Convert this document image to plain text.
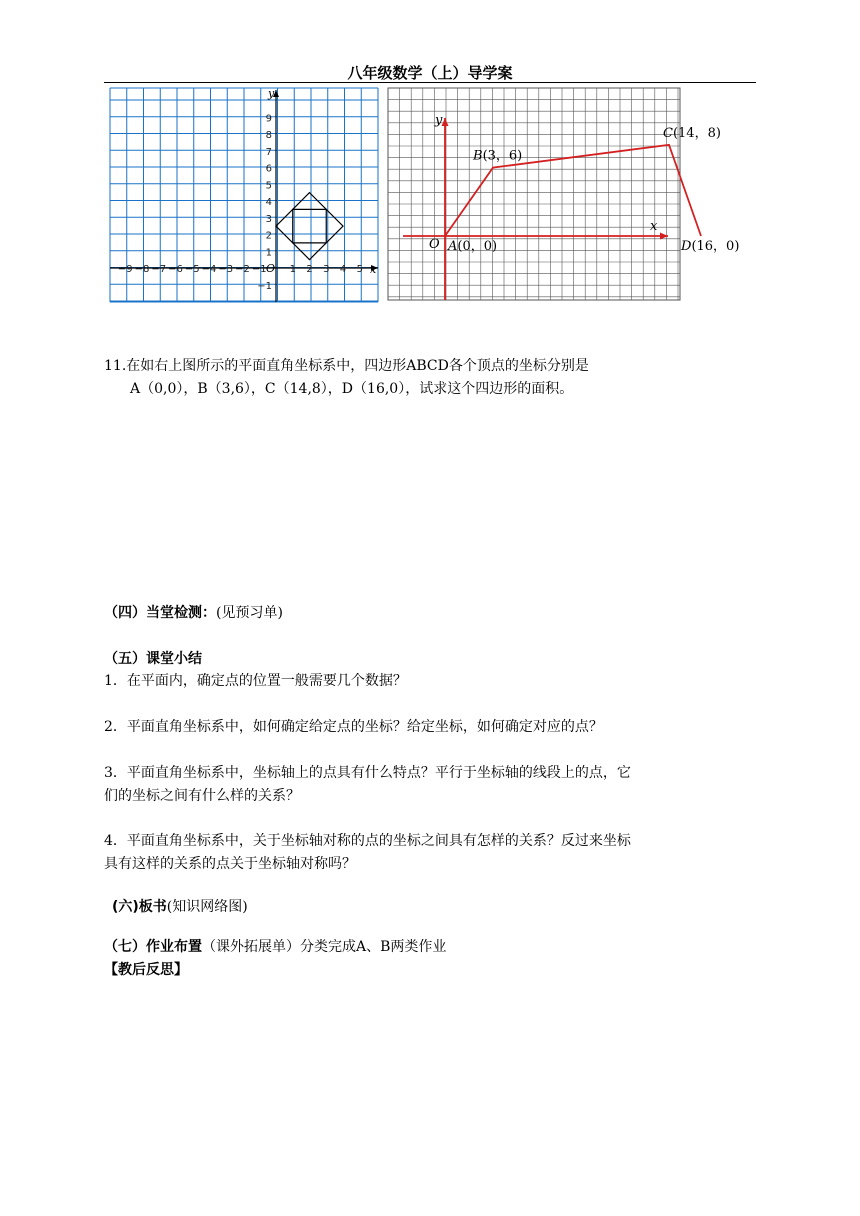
八年级数学（上）导学案
x
y
O
−9 −8 −7 −6 −5 −4 −3 −2 −1 1 2 3 4 5
9
8
7
6
5
4
3
2
1
−1
x
y
O A(0，0)
B(3，6)
C(14，8)
D(16，0)
11.在如右上图所示的平面直角坐标系中，四边形ABCD各个顶点的坐标分别是
A（0,0），B（3,6），C（14,8），D（16,0），试求这个四边形的面积。
（四）当堂检测：(见预习单)
（五）课堂小结
1．在平面内，确定点的位置一般需要几个数据？
2．平面直角坐标系中，如何确定给定点的坐标？给定坐标，如何确定对应的点？
3．平面直角坐标系中，坐标轴上的点具有什么特点？平行于坐标轴的线段上的点，它
们的坐标之间有什么样的关系？
4．平面直角坐标系中，关于坐标轴对称的点的坐标之间具有怎样的关系？反过来坐标
具有这样的关系的点关于坐标轴对称吗？
(六)板书(知识网络图)
（七）作业布置（课外拓展单）分类完成A、B两类作业
【教后反思】
